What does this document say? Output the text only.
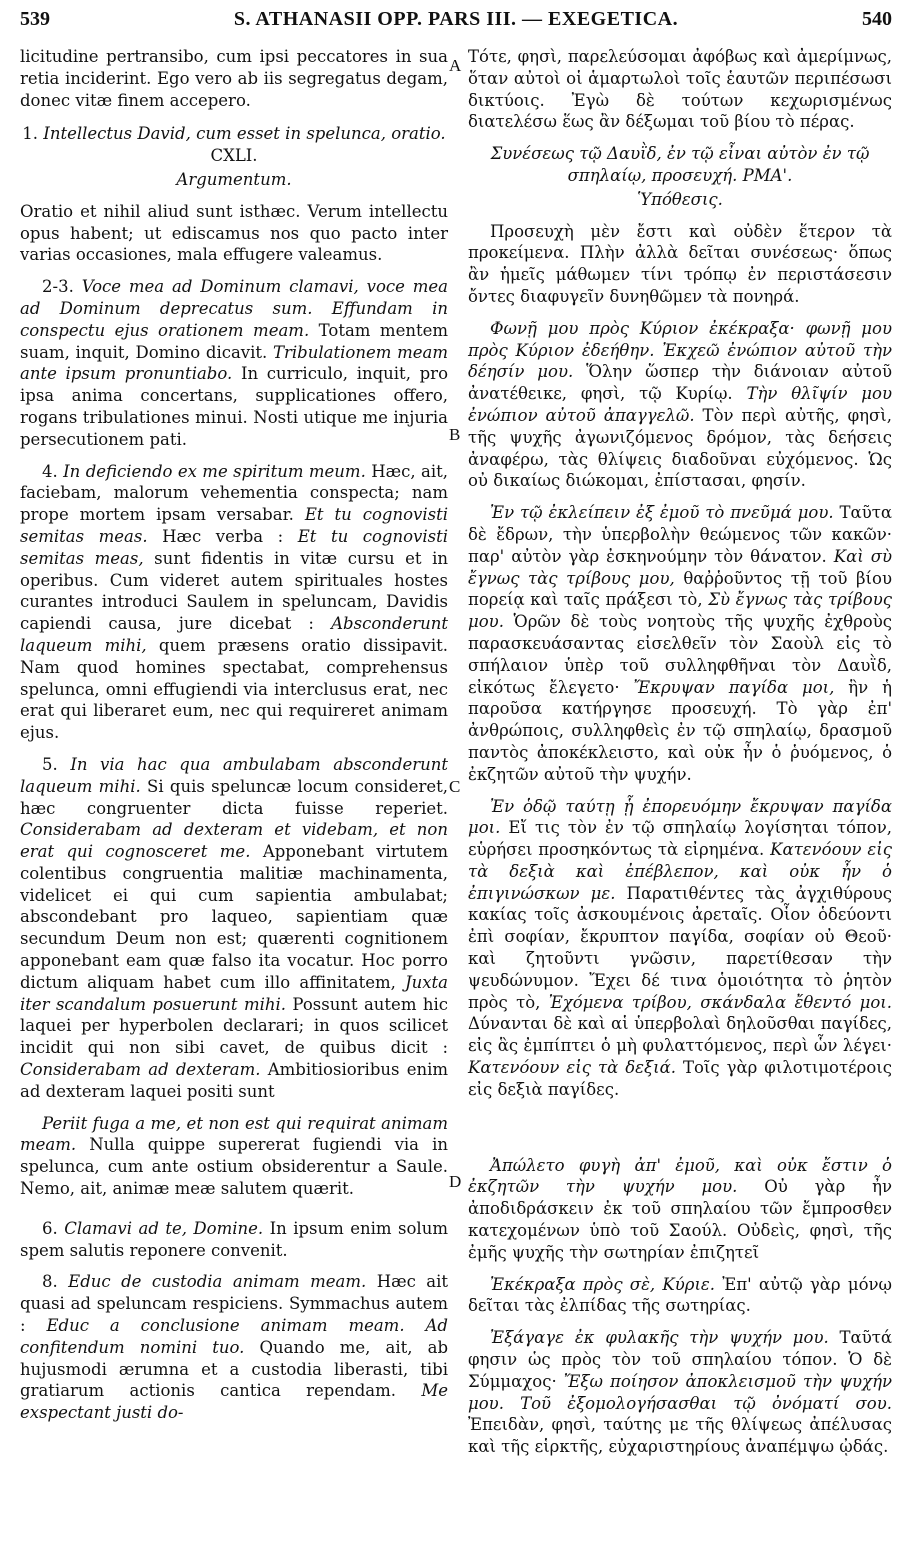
539	S. ATHANASII OPP. PARS III. — EXEGETICA.	540

licitudine pertransibo, cum ipsi peccatores in sua retia inciderint. Ego vero ab iis segregatus degam, donec vitæ finem accepero.

1. Intellectus David, cum esset in spelunca, oratio. CXLI.

Argumentum.

Oratio et nihil aliud sunt isthæc. Verum intellectu opus habent; ut ediscamus nos quo pacto inter varias occasiones, mala effugere valeamus.

2-3. Voce mea ad Dominum clamavi, voce mea ad Dominum deprecatus sum. Effundam in conspectu ejus orationem meam. Totam mentem suam, inquit, Domino dicavit. Tribulationem meam ante ipsum pronuntiabo. In curriculo, inquit, pro ipsa anima concertans, supplicationes offero, rogans tribulationes minui. Nosti utique me injuria persecutionem pati.

4. In deficiendo ex me spiritum meum. Hæc, ait, faciebam, malorum vehementia conspecta; nam prope mortem ipsam versabar. Et tu cognovisti semitas meas. Hæc verba : Et tu cognovisti semitas meas, sunt fidentis in vitæ cursu et in operibus. Cum videret autem spirituales hostes curantes introduci Saulem in speluncam, Davidis capiendi causa, jure dicebat : Absconderunt laqueum mihi, quem præsens oratio dissipavit. Nam quod homines spectabat, comprehensus spelunca, omni effugiendi via interclusus erat, nec erat qui liberaret eum, nec qui requireret animam ejus.

5. In via hac qua ambulabam absconderunt laqueum mihi. Si quis speluncæ locum consideret, hæc congruenter dicta fuisse reperiet. Considerabam ad dexteram et videbam, et non erat qui cognosceret me. Apponebant virtutem colentibus congruentia malitiæ machinamenta, videlicet ei qui cum sapientia ambulabat; abscondebant pro laqueo, sapientiam quæ secundum Deum non est; quærenti cognitionem apponebant eam quæ falso ita vocatur. Hoc porro dictum aliquam habet cum illo affinitatem, Juxta iter scandalum posuerunt mihi. Possunt autem hic laquei per hyperbolen declarari; in quos scilicet incidit qui non sibi cavet, de quibus dicit : Considerabam ad dexteram. Ambitiosioribus enim ad dexteram laquei positi sunt

Periit fuga a me, et non est qui requirat animam meam. Nulla quippe supererat fugiendi via in spelunca, cum ante ostium obsiderentur a Saule. Nemo, ait, animæ meæ salutem quærit.

6. Clamavi ad te, Domine. In ipsum enim solum spem salutis reponere convenit.

8. Educ de custodia animam meam. Hæc ait quasi ad speluncam respiciens. Symmachus autem : Educ a conclusione animam meam. Ad confitendum nomini tuo. Quando me, ait, ab hujusmodi ærumna et a custodia liberasti, tibi gratiarum actionis cantica rependam. Me exspectant justi do-

Τότε, φησὶ, παρελεύσομαι ἀφόβως καὶ ἀμερίμνως, ὅταν αὐτοὶ οἱ ἁμαρτωλοὶ τοῖς ἑαυτῶν περιπέσωσι δικτύοις. Ἐγὼ δὲ τούτων κεχωρισμένως διατελέσω ἕως ἂν δέξωμαι τοῦ βίου τὸ πέρας.

Συνέσεως τῷ Δαυῒδ, ἐν τῷ εἶναι αὐτὸν ἐν τῷ σπηλαίῳ, προσευχή. ΡΜΑ'.

Ὑπόθεσις.

Προσευχὴ μὲν ἔστι καὶ οὐδὲν ἕτερον τὰ προκείμενα. Πλὴν ἀλλὰ δεῖται συνέσεως· ὅπως ἂν ἡμεῖς μάθωμεν τίνι τρόπῳ ἐν περιστάσεσιν ὄντες διαφυγεῖν δυνηθῶμεν τὰ πονηρά.

Φωνῇ μου πρὸς Κύριον ἐκέκραξα· φωνῇ μου πρὸς Κύριον ἐδεήθην. Ἐκχεῶ ἐνώπιον αὐτοῦ τὴν δέησίν μου. Ὅλην ὥσπερ τὴν διάνοιαν αὐτοῦ ἀνατέθεικε, φησὶ, τῷ Κυρίῳ. Τὴν θλῖψίν μου ἐνώπιον αὐτοῦ ἀπαγγελῶ. Τὸν περὶ αὐτῆς, φησὶ, τῆς ψυχῆς ἀγωνιζόμενος δρόμον, τὰς δεήσεις ἀναφέρω, τὰς θλίψεις διαδοῦναι εὐχόμενος. Ὡς οὐ δικαίως διώκομαι, ἐπίστασαι, φησίν.

Ἐν τῷ ἐκλείπειν ἐξ ἐμοῦ τὸ πνεῦμά μου. Ταῦτα δὲ ἔδρων, τὴν ὑπερβολὴν θεώμενος τῶν κακῶν· παρ' αὐτὸν γὰρ ἐσκηνούμην τὸν θάνατον. Καὶ σὺ ἔγνως τὰς τρίβους μου, θαῤῥοῦντος τῇ τοῦ βίου πορείᾳ καὶ ταῖς πράξεσι τὸ, Σὺ ἔγνως τὰς τρίβους μου. Ὁρῶν δὲ τοὺς νοητοὺς τῆς ψυχῆς ἐχθροὺς παρασκευάσαντας εἰσελθεῖν τὸν Σαοὺλ εἰς τὸ σπήλαιον ὑπὲρ τοῦ συλληφθῆναι τὸν Δαυῒδ, εἰκότως ἔλεγετο· Ἔκρυψαν παγίδα μοι, ἣν ἡ παροῦσα κατήργησε προσευχή. Τὸ γὰρ ἐπ' ἀνθρώποις, συλληφθεὶς ἐν τῷ σπηλαίῳ, δρασμοῦ παντὸς ἀποκέκλειστο, καὶ οὐκ ἦν ὁ ῥυόμενος, ὁ ἐκζητῶν αὐτοῦ τὴν ψυχήν.

Ἐν ὁδῷ ταύτῃ ᾗ ἐπορευόμην ἔκρυψαν παγίδα μοι. Εἴ τις τὸν ἐν τῷ σπηλαίῳ λογίσηται τόπον, εὑρήσει προσηκόντως τὰ εἰρημένα. Κατενόουν εἰς τὰ δεξιὰ καὶ ἐπέβλεπον, καὶ οὐκ ἦν ὁ ἐπιγινώσκων με. Παρατιθέντες τὰς ἀγχιθύρους κακίας τοῖς ἀσκουμένοις ἀρεταῖς. Οἷον ὁδεύοντι ἐπὶ σοφίαν, ἔκρυπτον παγίδα, σοφίαν οὐ Θεοῦ· καὶ ζητοῦντι γνῶσιν, παρετίθεσαν τὴν ψευδώνυμον. Ἔχει δέ τινα ὁμοιότητα τὸ ῥητὸν πρὸς τὸ, Ἐχόμενα τρίβου, σκάνδαλα ἔθεντό μοι. Δύνανται δὲ καὶ αἱ ὑπερβολαὶ δηλοῦσθαι παγίδες, εἰς ἃς ἐμπίπτει ὁ μὴ φυλαττόμενος, περὶ ὧν λέγει· Κατενόουν εἰς τὰ δεξιά. Τοῖς γὰρ φιλοτιμοτέροις εἰς δεξιὰ παγίδες.

Ἀπώλετο φυγὴ ἀπ' ἐμοῦ, καὶ οὐκ ἔστιν ὁ ἐκζητῶν τὴν ψυχήν μου. Οὐ γὰρ ἦν ἀποδιδράσκειν ἐκ τοῦ σπηλαίου τῶν ἔμπροσθεν κατεχομένων ὑπὸ τοῦ Σαούλ. Οὐδεὶς, φησὶ, τῆς ἐμῆς ψυχῆς τὴν σωτηρίαν ἐπιζητεῖ

Ἐκέκραξα πρὸς σὲ, Κύριε. Ἐπ' αὐτῷ γὰρ μόνῳ δεῖται τὰς ἐλπίδας τῆς σωτηρίας.

Ἐξάγαγε ἐκ φυλακῆς τὴν ψυχήν μου. Ταῦτά φησιν ὡς πρὸς τὸν τοῦ σπηλαίου τόπον. Ὁ δὲ Σύμμαχος· Ἔξω ποίησον ἀποκλεισμοῦ τὴν ψυχήν μου. Τοῦ ἐξομολογήσασθαι τῷ ὀνόματί σου. Ἐπειδὰν, φησὶ, ταύτης με τῆς θλίψεως ἀπέλυσας καὶ τῆς εἱρκτῆς, εὐχαριστηρίους ἀναπέμψω ᾠδάς.

A
B
C
D
